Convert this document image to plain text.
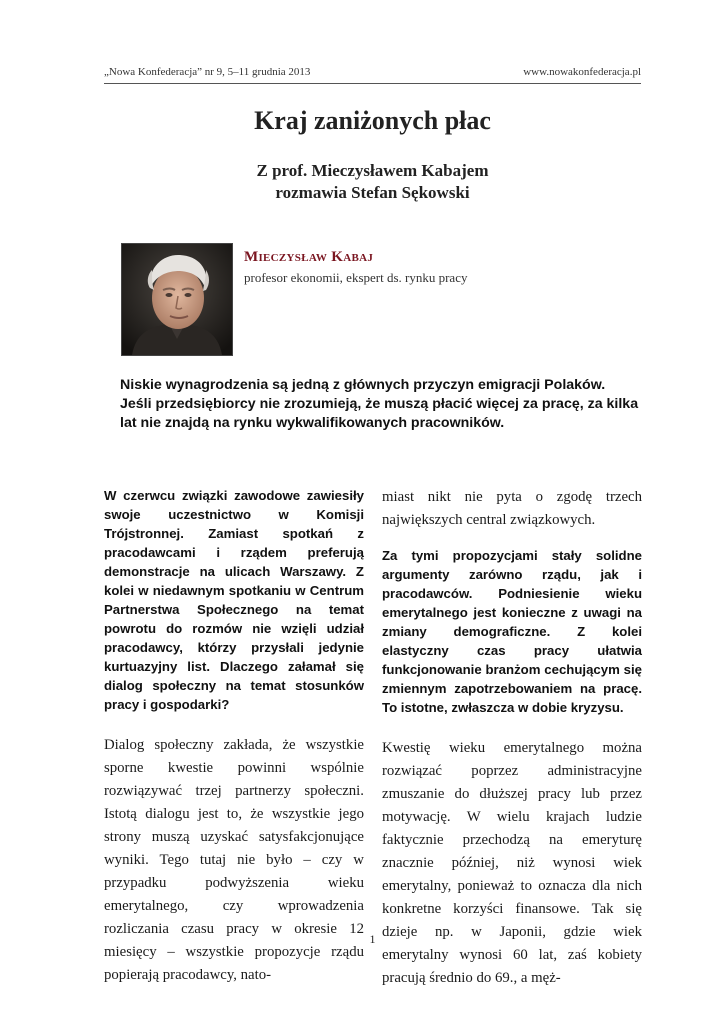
„Nowa Konfederacja” nr 9, 5–11 grudnia 2013	www.nowakonfederacja.pl
Kraj zaniżonych płac
Z prof. Mieczysławem Kabajem
rozmawia Stefan Sękowski
Mieczysław Kabaj
profesor ekonomii, ekspert ds. rynku pracy
Niskie wynagrodzenia są jedną z głównych przyczyn emigracji Polaków. Jeśli przedsiębiorcy nie zrozumieją, że muszą płacić więcej za pracę, za kilka lat nie znajdą na rynku wykwalifikowanych pracowników.

W czerwcu związki zawodowe zawiesiły swoje uczestnictwo w Komisji Trójstronnej. Zamiast spotkań z pracodawcami i rządem preferują demonstracje na ulicach Warszawy. Z kolei w niedawnym spotkaniu w Centrum Partnerstwa Społecznego na temat powrotu do rozmów nie wzięli udział pracodawcy, którzy przysłali jedynie kurtuazyjny list. Dlaczego załamał się dialog społeczny na temat stosunków pracy i gospodarki?

Dialog społeczny zakłada, że wszystkie sporne kwestie powinni wspólnie rozwiązywać trzej partnerzy społeczni. Istotą dialogu jest to, że wszystkie jego strony muszą uzyskać satysfakcjonujące wyniki. Tego tutaj nie było – czy w przypadku podwyższenia wieku emerytalnego, czy wprowadzenia rozliczania czasu pracy w okresie 12 miesięcy – wszystkie propozycje rządu popierają pracodawcy, nato-

miast nikt nie pyta o zgodę trzech największych central związkowych.

Za tymi propozycjami stały solidne argumenty zarówno rządu, jak i pracodawców. Podniesienie wieku emerytalnego jest konieczne z uwagi na zmiany demograficzne. Z kolei elastyczny czas pracy ułatwia funkcjonowanie branżom cechującym się zmiennym zapotrzebowaniem na pracę. To istotne, zwłaszcza w dobie kryzysu.

Kwestię wieku emerytalnego można rozwiązać poprzez administracyjne zmuszanie do dłuższej pracy lub przez motywację. W wielu krajach ludzie faktycznie przechodzą na emeryturę znacznie później, niż wynosi wiek emerytalny, ponieważ to oznacza dla nich konkretne korzyści finansowe. Tak się dzieje np. w Japonii, gdzie wiek emerytalny wynosi 60 lat, zaś kobiety pracują średnio do 69., a męż-

1
